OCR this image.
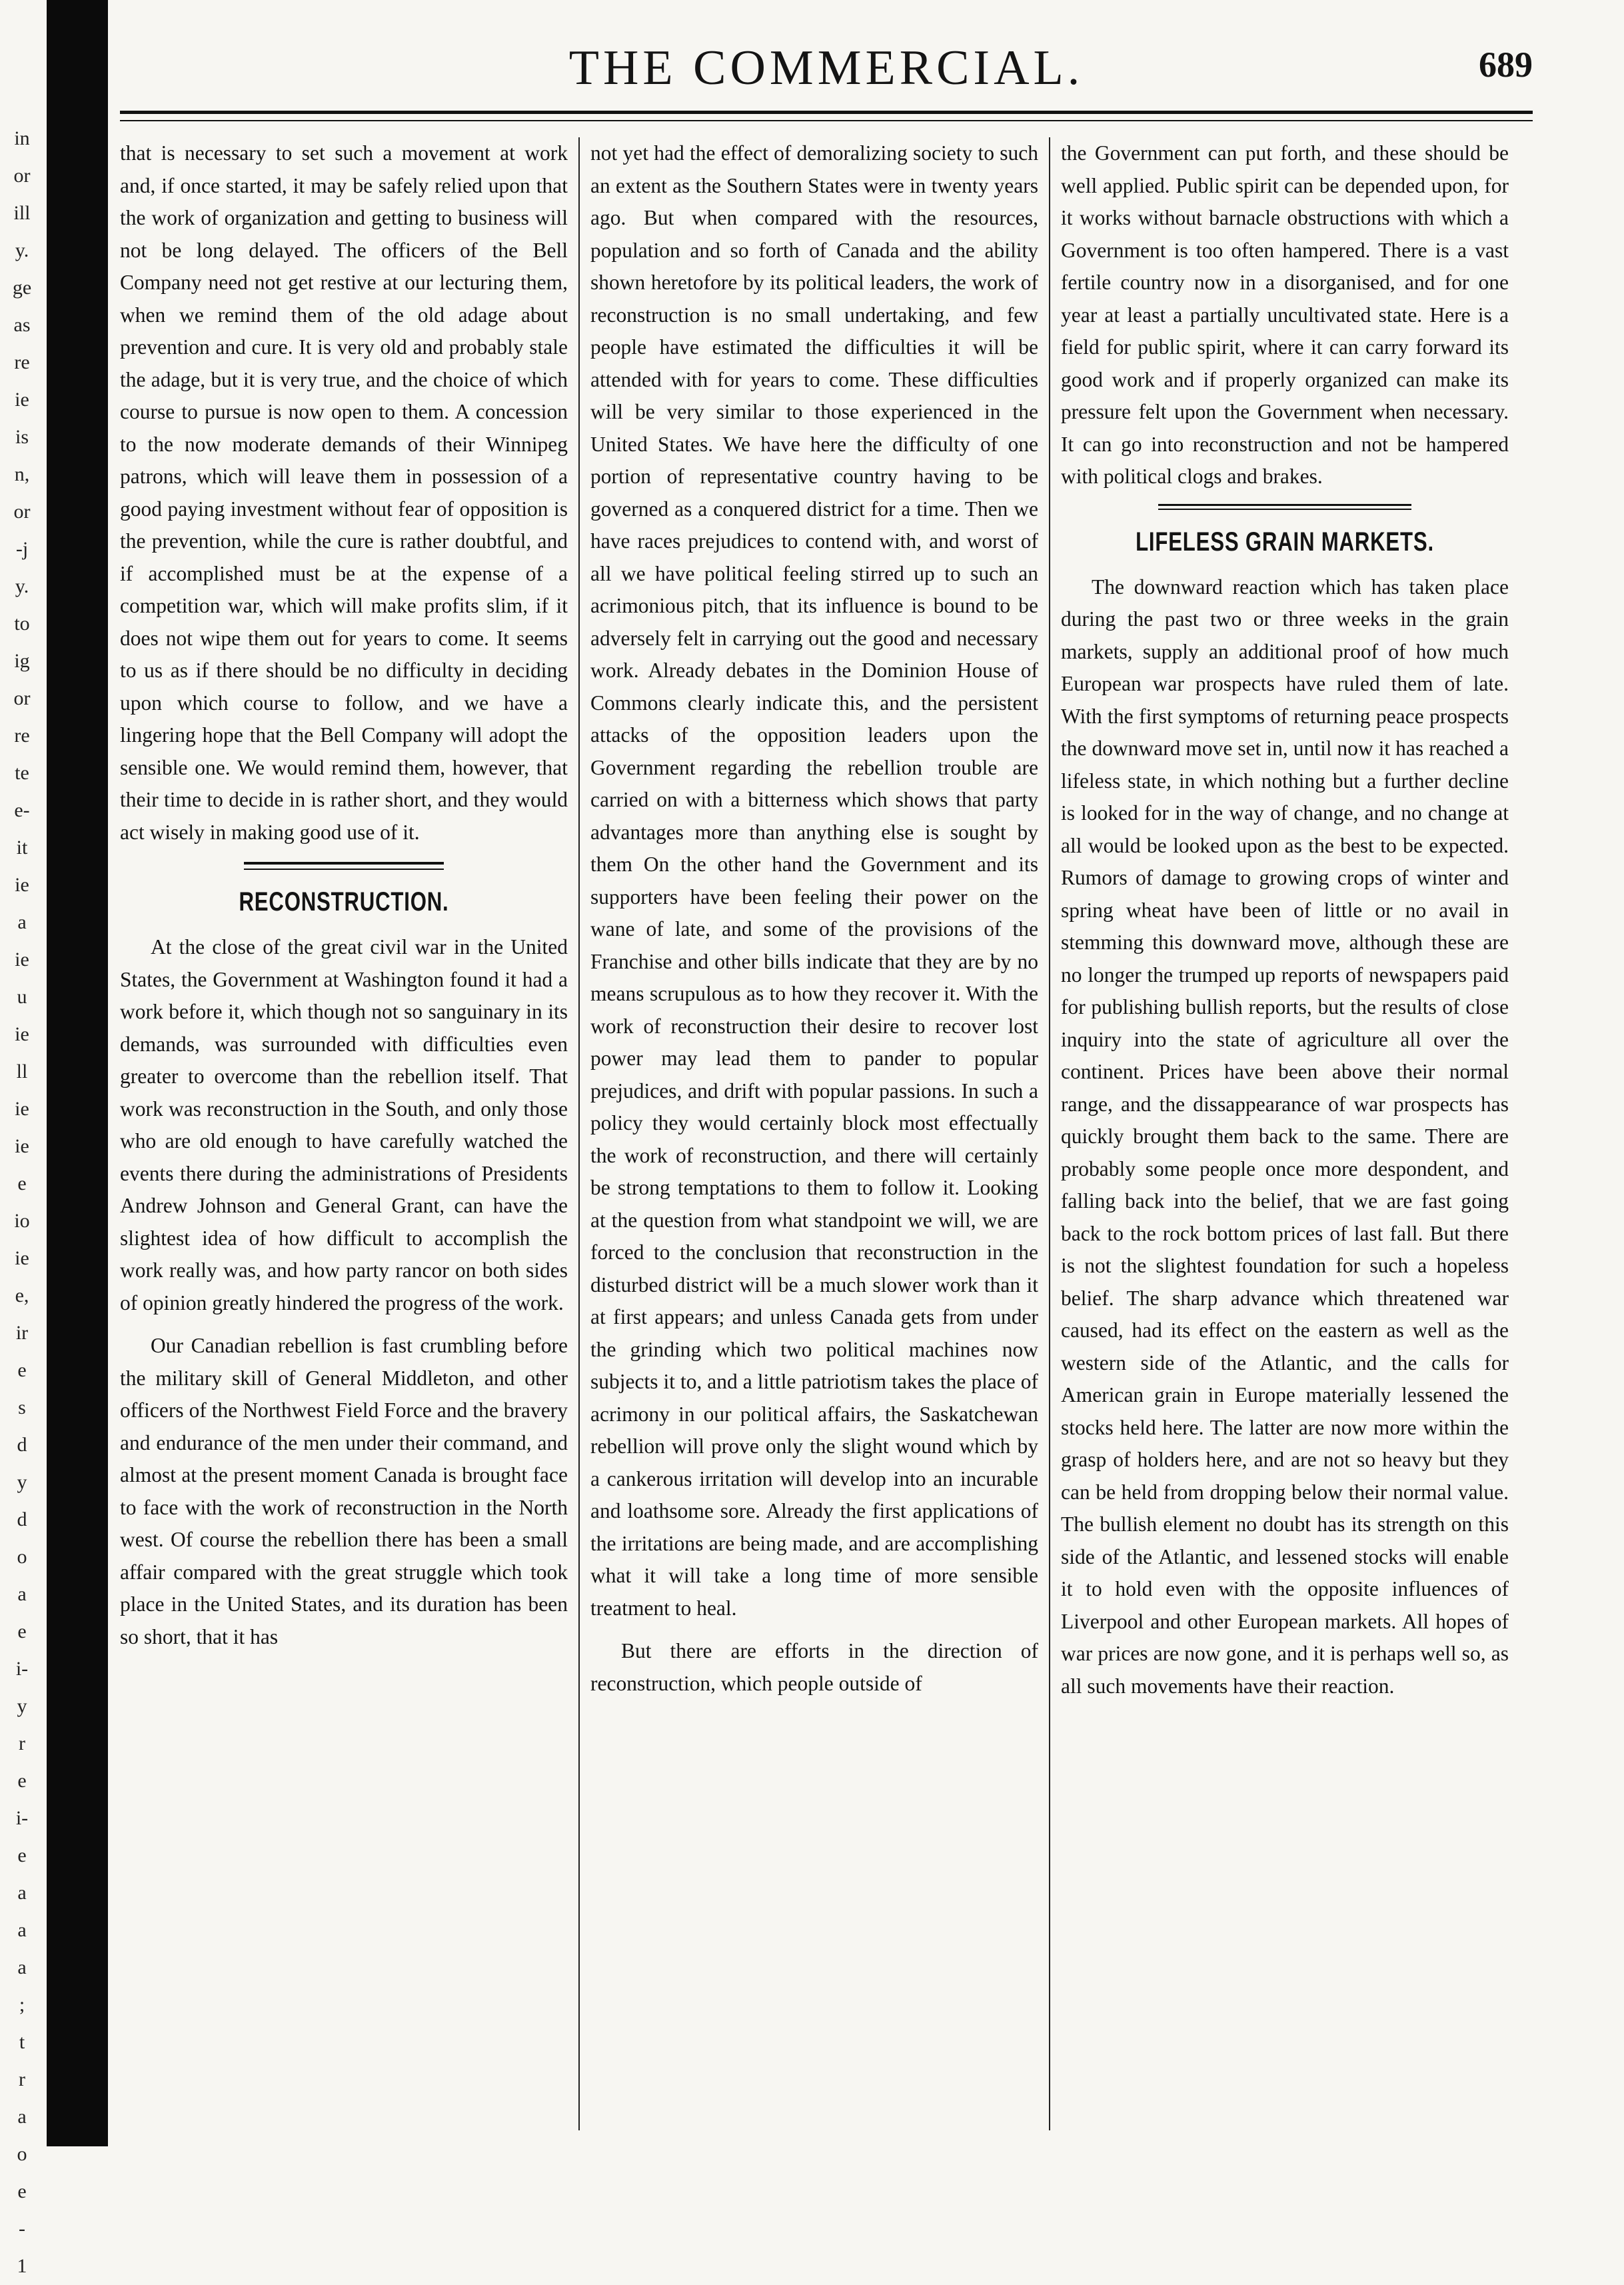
in
or
ill
y.
ge
as
re
ie
is
n,
or
-j
y.
to
ig
or
re
te
e-
it
ie
a
ie
u
ie
ll
ie
ie
e
io
ie
e,
ir
e
s
d
y
d
o
a
e
i-
y
r
e
i-
e
a
a
a
;
t
r
a
o
e
-
1
THE COMMERCIAL.	689

that is necessary to set such a movement at work and, if once started, it may be safely relied upon that the work of organization and getting to business will not be long delayed. The officers of the Bell Company need not get restive at our lecturing them, when we remind them of the old adage about prevention and cure. It is very old and probably stale the adage, but it is very true, and the choice of which course to pursue is now open to them. A concession to the now moderate demands of their Winnipeg patrons, which will leave them in possession of a good paying investment without fear of opposition is the prevention, while the cure is rather doubtful, and if accomplished must be at the expense of a competition war, which will make profits slim, if it does not wipe them out for years to come. It seems to us as if there should be no difficulty in deciding upon which course to follow, and we have a lingering hope that the Bell Company will adopt the sensible one. We would remind them, however, that their time to decide in is rather short, and they would act wisely in making good use of it.

RECONSTRUCTION.

At the close of the great civil war in the United States, the Government at Washington found it had a work before it, which though not so sanguinary in its demands, was surrounded with difficulties even greater to overcome than the rebellion itself. That work was reconstruction in the South, and only those who are old enough to have carefully watched the events there during the administrations of Presidents Andrew Johnson and General Grant, can have the slightest idea of how difficult to accomplish the work really was, and how party rancor on both sides of opinion greatly hindered the progress of the work.

Our Canadian rebellion is fast crumbling before the military skill of General Middleton, and other officers of the Northwest Field Force and the bravery and endurance of the men under their command, and almost at the present moment Canada is brought face to face with the work of reconstruction in the North west. Of course the rebellion there has been a small affair compared with the great struggle which took place in the United States, and its duration has been so short, that it has

not yet had the effect of demoralizing society to such an extent as the Southern States were in twenty years ago. But when compared with the resources, population and so forth of Canada and the ability shown heretofore by its political leaders, the work of reconstruction is no small undertaking, and few people have estimated the difficulties it will be attended with for years to come. These difficulties will be very similar to those experienced in the United States. We have here the difficulty of one portion of representative country having to be governed as a conquered district for a time. Then we have races prejudices to contend with, and worst of all we have political feeling stirred up to such an acrimonious pitch, that its influence is bound to be adversely felt in carrying out the good and necessary work. Already debates in the Dominion House of Commons clearly indicate this, and the persistent attacks of the opposition leaders upon the Government regarding the rebellion trouble are carried on with a bitterness which shows that party advantages more than anything else is sought by them On the other hand the Government and its supporters have been feeling their power on the wane of late, and some of the provisions of the Franchise and other bills indicate that they are by no means scrupulous as to how they recover it. With the work of reconstruction their desire to recover lost power may lead them to pander to popular prejudices, and drift with popular passions. In such a policy they would certainly block most effectually the work of reconstruction, and there will certainly be strong temptations to them to follow it. Looking at the question from what standpoint we will, we are forced to the conclusion that reconstruction in the disturbed district will be a much slower work than it at first appears; and unless Canada gets from under the grinding which two political machines now subjects it to, and a little patriotism takes the place of acrimony in our political affairs, the Saskatchewan rebellion will prove only the slight wound which by a cankerous irritation will develop into an incurable and loathsome sore. Already the first applications of the irritations are being made, and are accomplishing what it will take a long time of more sensible treatment to heal.

But there are efforts in the direction of reconstruction, which people outside of

the Government can put forth, and these should be well applied. Public spirit can be depended upon, for it works without barnacle obstructions with which a Government is too often hampered. There is a vast fertile country now in a disorganised, and for one year at least a partially uncultivated state. Here is a field for public spirit, where it can carry forward its good work and if properly organized can make its pressure felt upon the Government when necessary. It can go into reconstruction and not be hampered with political clogs and brakes.

LIFELESS GRAIN MARKETS.

The downward reaction which has taken place during the past two or three weeks in the grain markets, supply an additional proof of how much European war prospects have ruled them of late. With the first symptoms of returning peace prospects the downward move set in, until now it has reached a lifeless state, in which nothing but a further decline is looked for in the way of change, and no change at all would be looked upon as the best to be expected. Rumors of damage to growing crops of winter and spring wheat have been of little or no avail in stemming this downward move, although these are no longer the trumped up reports of newspapers paid for publishing bullish reports, but the results of close inquiry into the state of agriculture all over the continent. Prices have been above their normal range, and the dissappearance of war prospects has quickly brought them back to the same. There are probably some people once more despondent, and falling back into the belief, that we are fast going back to the rock bottom prices of last fall. But there is not the slightest foundation for such a hopeless belief. The sharp advance which threatened war caused, had its effect on the eastern as well as the western side of the Atlantic, and the calls for American grain in Europe materially lessened the stocks held here. The latter are now more within the grasp of holders here, and are not so heavy but they can be held from dropping below their normal value. The bullish element no doubt has its strength on this side of the Atlantic, and lessened stocks will enable it to hold even with the opposite influences of Liverpool and other European markets. All hopes of war prices are now gone, and it is perhaps well so, as all such movements have their reaction.
